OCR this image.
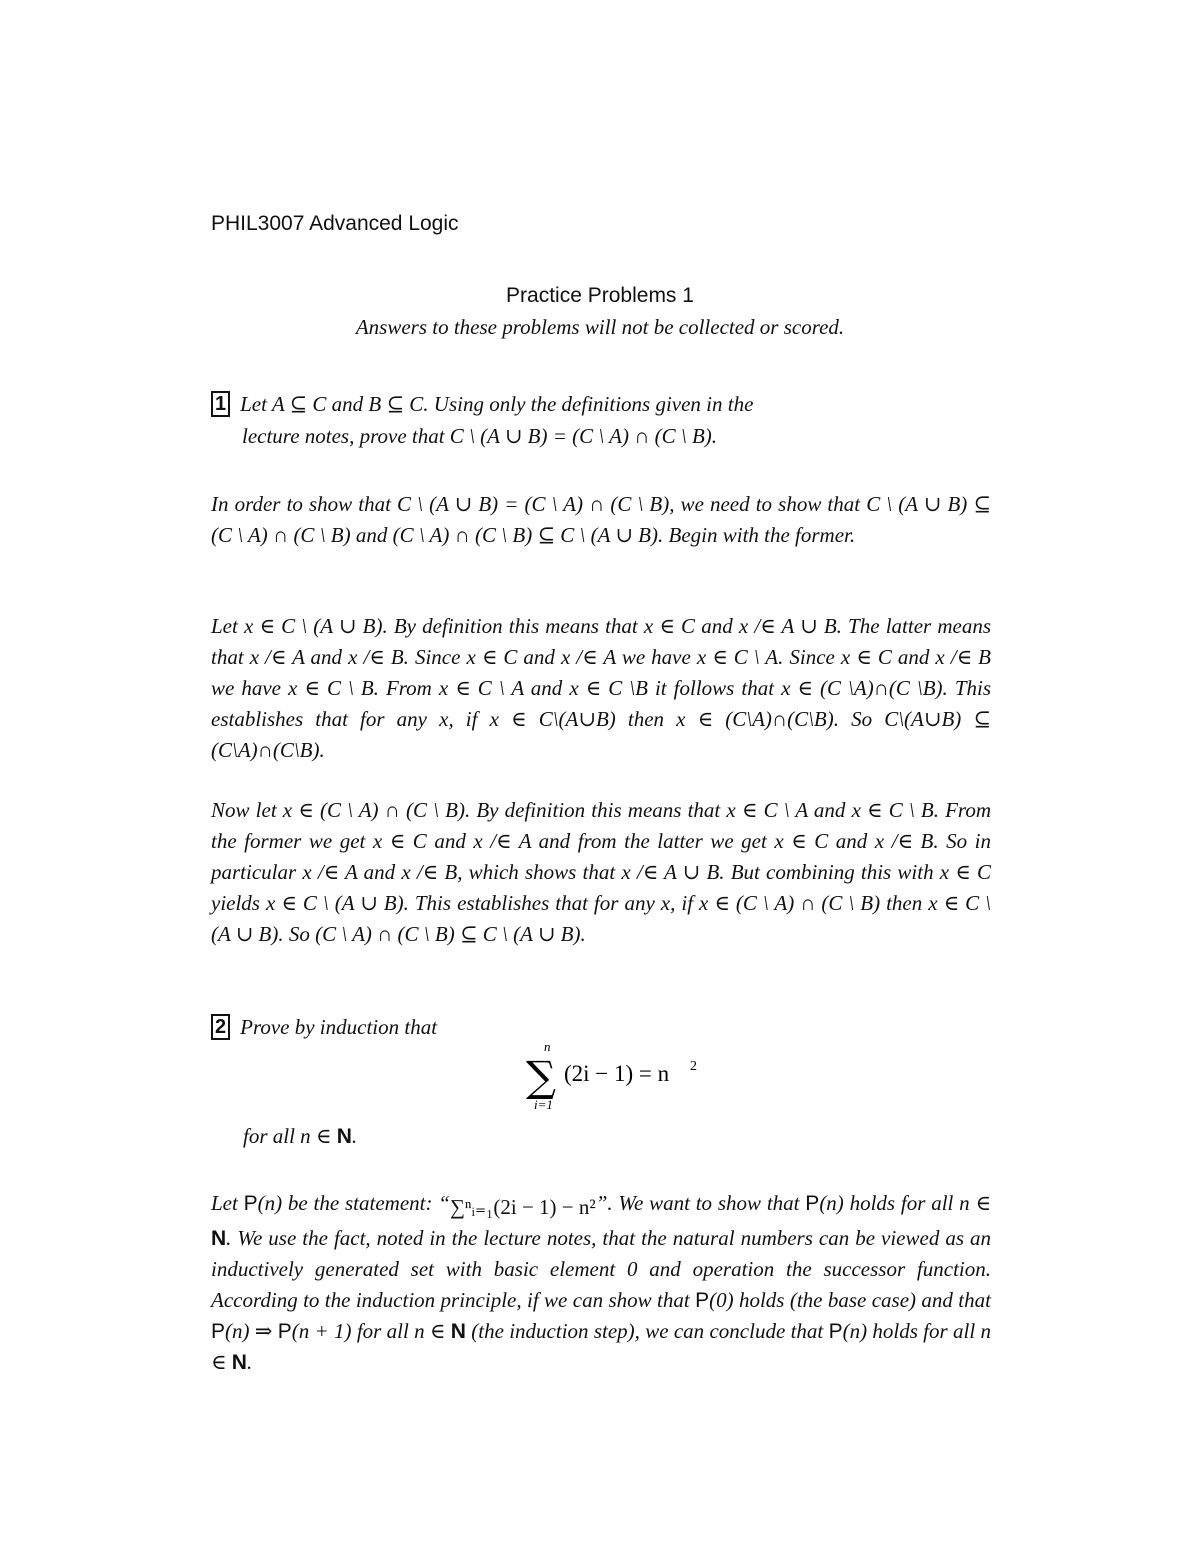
PHIL3007 Advanced Logic
Practice Problems 1
Answers to these problems will not be collected or scored.
1 Let A ⊆ C and B ⊆ C. Using only the definitions given in the
lecture notes, prove that C \ (A ∪ B) = (C \ A) ∩ (C \ B).

In order to show that C \ (A ∪ B) = (C \ A) ∩ (C \ B), we need to show that C \ (A ∪ B) ⊆ (C \ A) ∩ (C \ B) and (C \ A) ∩ (C \ B) ⊆ C \ (A ∪ B). Begin with the former.

Let x ∈ C \ (A ∪ B). By definition this means that x ∈ C and x /∈ A ∪ B. The latter means that x /∈ A and x /∈ B. Since x ∈ C and x /∈ A we have x ∈ C \ A. Since x ∈ C and x /∈ B we have x ∈ C \ B. From x ∈ C \ A and x ∈ C \B it follows that x ∈ (C \A)∩(C \B). This establishes that for any x, if x ∈ C\(A∪B) then x ∈ (C\A)∩(C\B). So C\(A∪B) ⊆ (C\A)∩(C\B).

Now let x ∈ (C \ A) ∩ (C \ B). By definition this means that x ∈ C \ A and x ∈ C \ B. From the former we get x ∈ C and x /∈ A and from the latter we get x ∈ C and x /∈ B. So in particular x /∈ A and x /∈ B, which shows that x /∈ A ∪ B. But combining this with x ∈ C yields x ∈ C \ (A ∪ B). This establishes that for any x, if x ∈ (C \ A) ∩ (C \ B) then x ∈ C \ (A ∪ B). So (C \ A) ∩ (C \ B) ⊆ C \ (A ∪ B).

2 Prove by induction that
n
∑
i=1
(2i − 1) = n 2
for all n ∈ N.

Let P(n) be the statement: “∑ⁿᵢ₌₁(2i − 1) − n²”. We want to show that P(n) holds for all n ∈ N. We use the fact, noted in the lecture notes, that the natural numbers can be viewed as an inductively generated set with basic element 0 and operation the successor function. According to the induction principle, if we can show that P(0) holds (the base case) and that P(n) ⇒ P(n + 1) for all n ∈ N (the induction step), we can conclude that P(n) holds for all n ∈ N.
